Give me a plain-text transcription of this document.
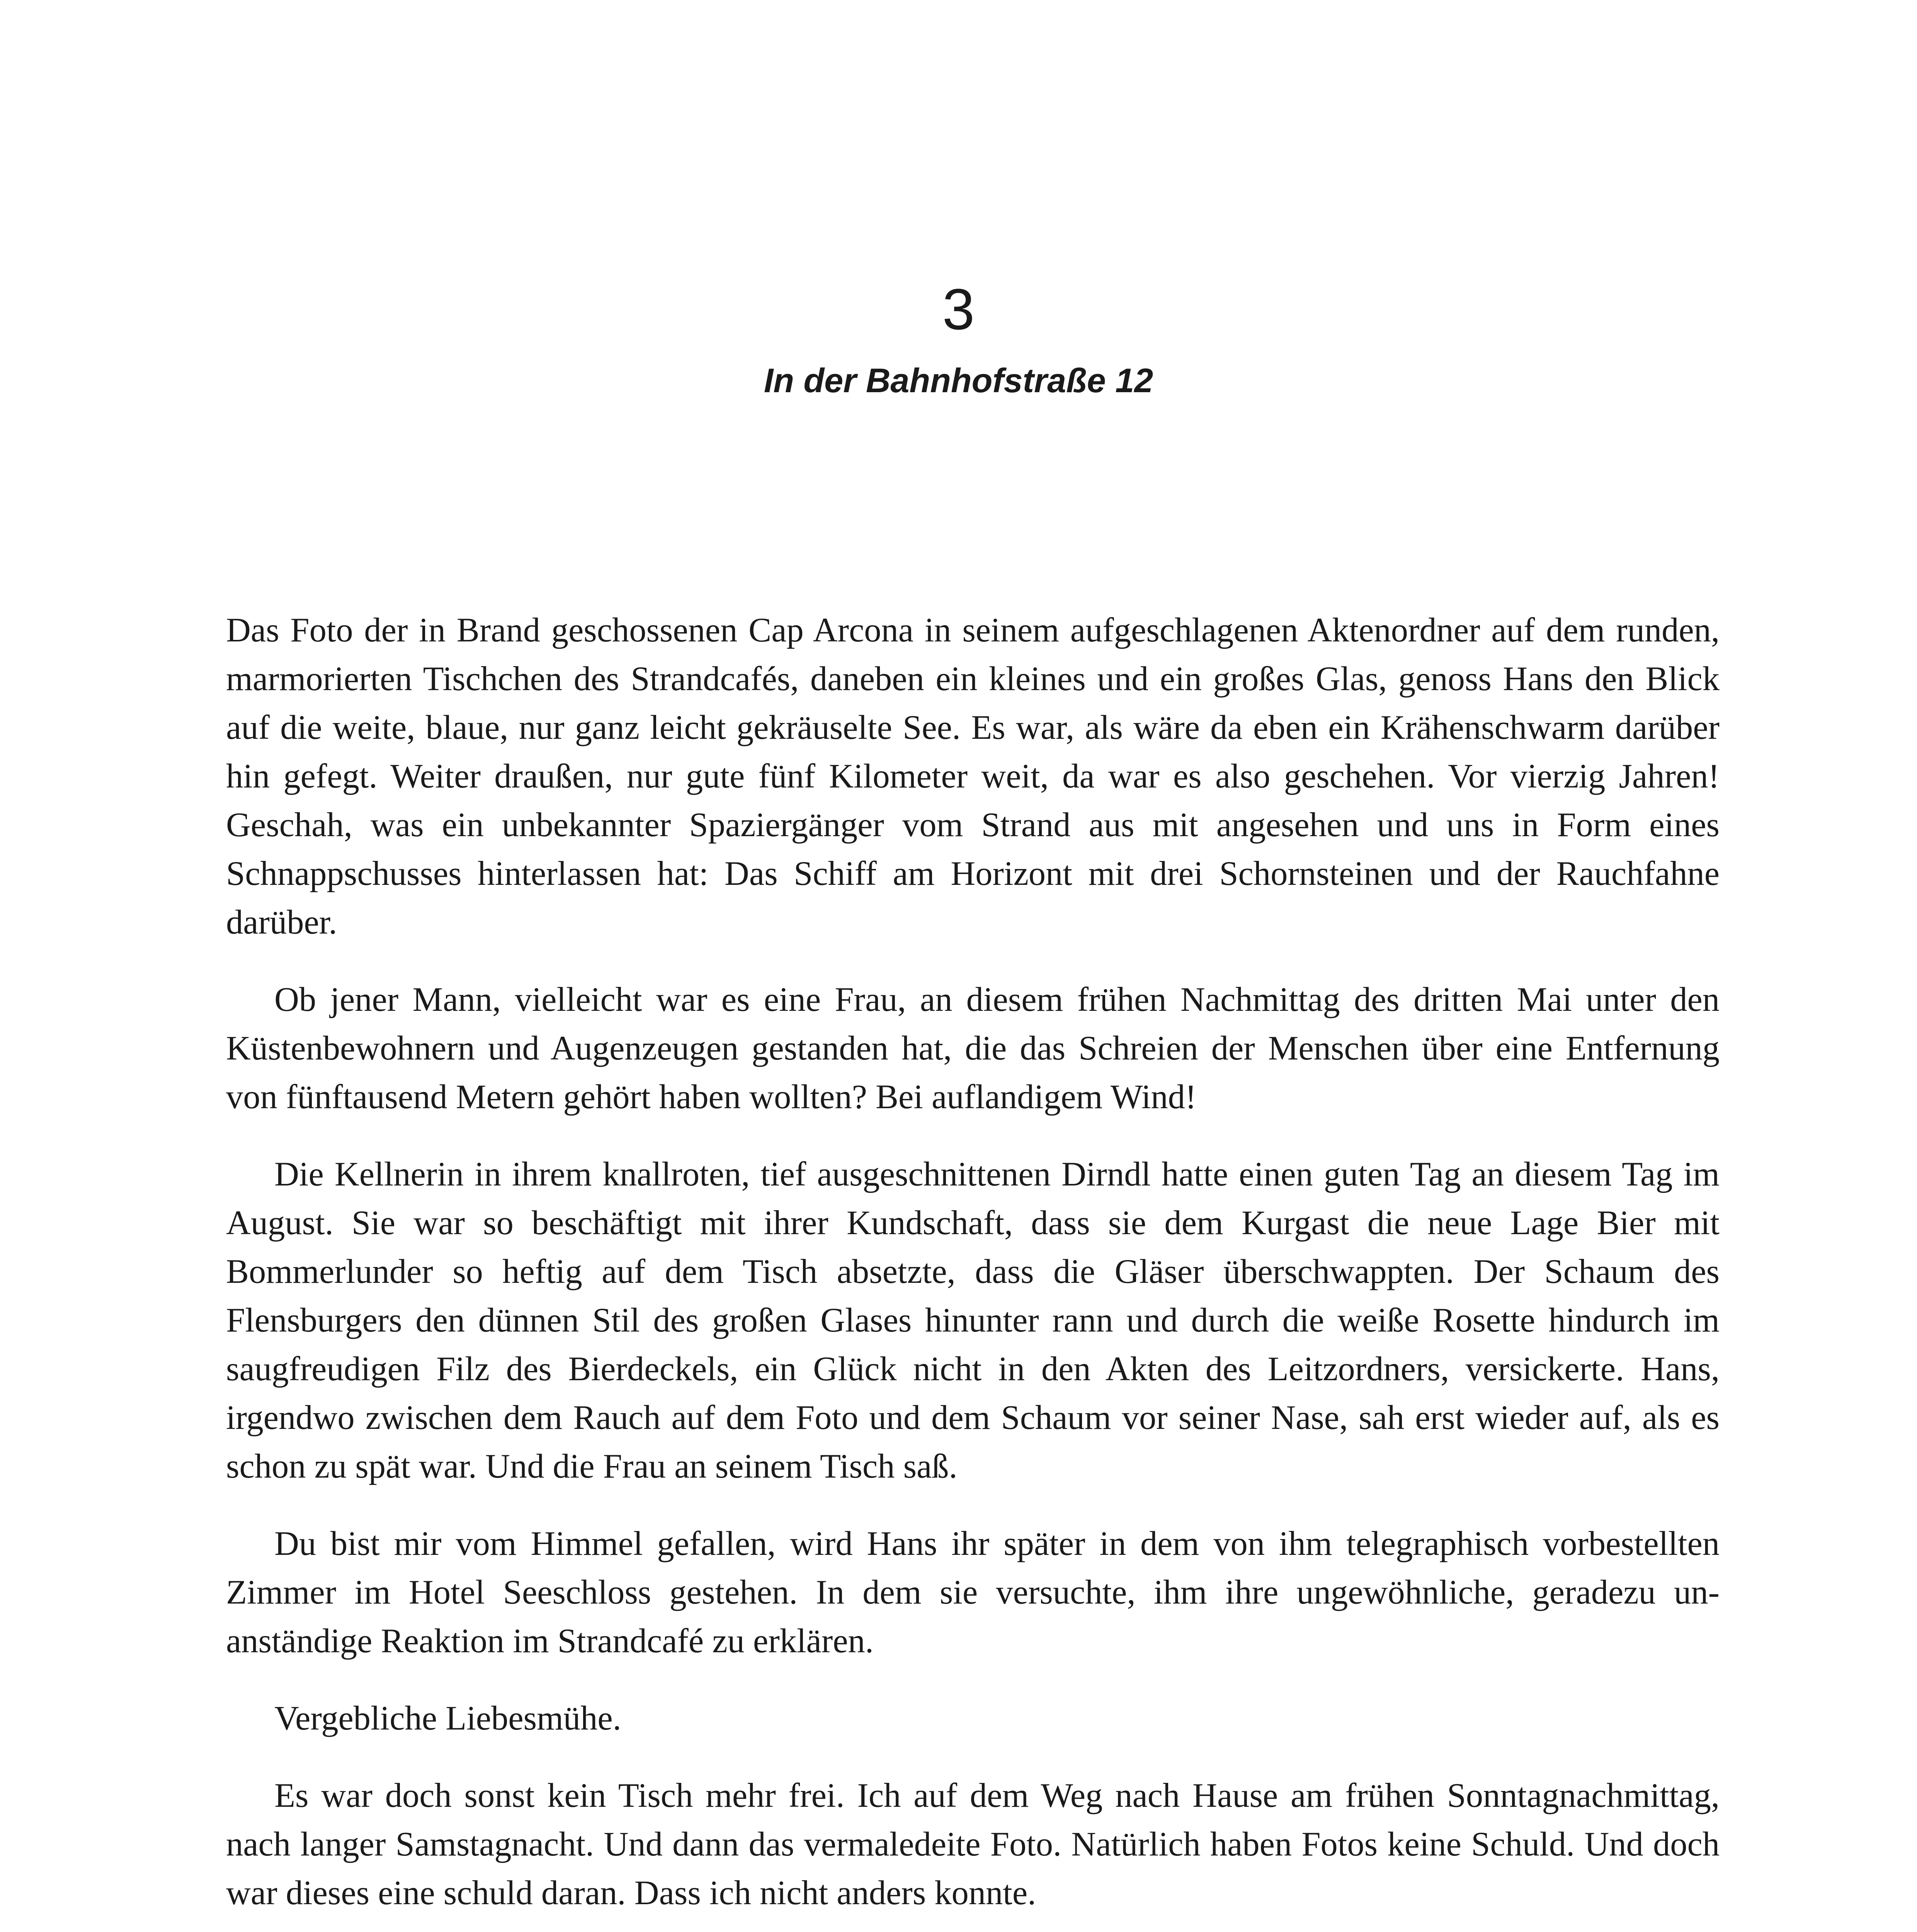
3
In der Bahnhofstraße 12

Das Foto der in Brand geschossenen Cap Arcona in seinem aufgeschlagenen Aktenordner auf dem runden, marmorierten Tischchen des Strandcafés, daneben ein kleines und ein großes Glas, genoss Hans den Blick auf die weite, blaue, nur ganz leicht gekräuselte See. Es war, als wäre da eben ein Krähenschwarm darüber hin gefegt. Weiter draußen, nur gute fünf Kilometer weit, da war es also geschehen. Vor vierzig Jahren! Geschah, was ein unbekannter Spaziergänger vom Strand aus mit angesehen und uns in Form eines Schnappschusses hinterlassen hat: Das Schiff am Horizont mit drei Schornsteinen und der Rauchfahne darüber.

Ob jener Mann, vielleicht war es eine Frau, an diesem frühen Nachmittag des dritten Mai unter den Küstenbewohnern und Augenzeugen gestanden hat, die das Schreien der Menschen über eine Entfernung von fünftausend Metern gehört haben wollten? Bei auflandigem Wind!

Die Kellnerin in ihrem knallroten, tief ausgeschnittenen Dirndl hatte einen guten Tag an diesem Tag im August. Sie war so beschäftigt mit ihrer Kundschaft, dass sie dem Kurgast die neue Lage Bier mit Bommerlunder so heftig auf dem Tisch absetzte, dass die Gläser überschwappten. Der Schaum des Flensburgers den dünnen Stil des großen Glases hinunter rann und durch die weiße Rosette hindurch im saugfreudigen Filz des Bierdeckels, ein Glück nicht in den Akten des Leitzordners, versickerte. Hans, irgendwo zwischen dem Rauch auf dem Foto und dem Schaum vor seiner Nase, sah erst wieder auf, als es schon zu spät war. Und die Frau an seinem Tisch saß.

Du bist mir vom Himmel gefallen, wird Hans ihr später in dem von ihm telegraphisch vorbestellten Zimmer im Hotel Seeschloss gestehen. In dem sie versuchte, ihm ihre ungewöhnliche, geradezu unanständige Reaktion im Strandcafé zu erklären.

Vergebliche Liebesmühe.

Es war doch sonst kein Tisch mehr frei. Ich auf dem Weg nach Hause am frühen Sonntagnachmittag, nach langer Samstagnacht. Und dann das vermaledeite Foto. Natürlich haben Fotos keine Schuld. Und doch war dieses eine schuld daran. Dass ich nicht anders konnte.
